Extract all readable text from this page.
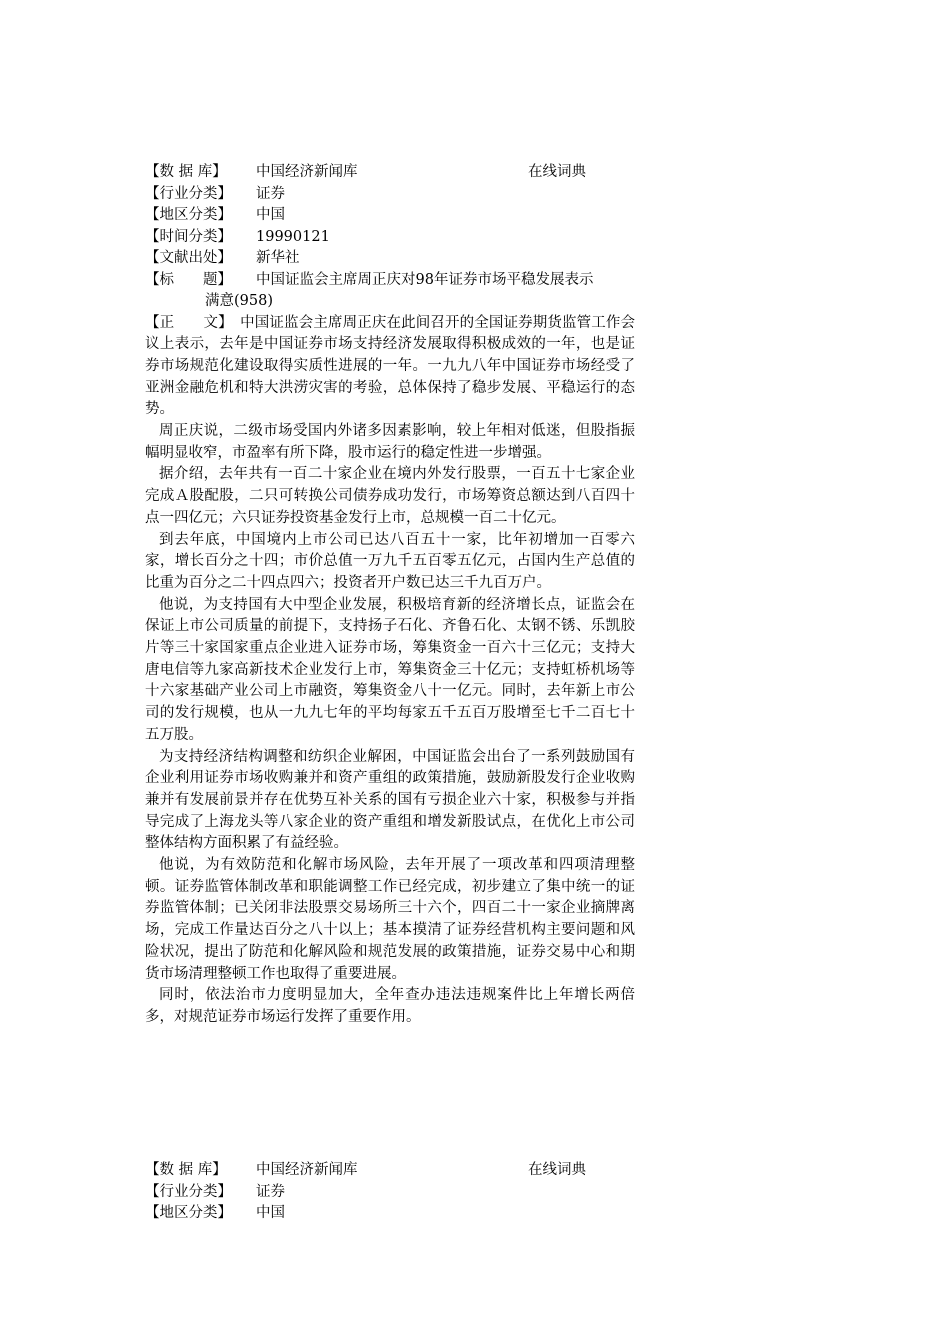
【数 据 库】 中国经济新闻库	在线词典
【行业分类】 证券
【地区分类】 中国
【时间分类】 19990121
【文献出处】 新华社
【标　　题】	中国证监会主席周正庆对98年证券市场平稳发展表示
满意(958)
【正　　文】　 中国证监会主席周正庆在此间召开的全国证券期货监管工作会议上表示，去年是中国证券市场支持经济发展取得积极成效的一年，也是证券市场规范化建设取得实质性进展的一年。一九九八年中国证券市场经受了亚洲金融危机和特大洪涝灾害的考验，总体保持了稳步发展、平稳运行的态势。
周正庆说，二级市场受国内外诸多因素影响，较上年相对低迷，但股指振幅明显收窄，市盈率有所下降，股市运行的稳定性进一步增强。
据介绍，去年共有一百二十家企业在境内外发行股票，一百五十七家企业完成Ａ股配股，二只可转换公司债券成功发行，市场筹资总额达到八百四十点一四亿元；六只证券投资基金发行上市，总规模一百二十亿元。
到去年底，中国境内上市公司已达八百五十一家，比年初增加一百零六家，增长百分之十四；市价总值一万九千五百零五亿元，占国内生产总值的比重为百分之二十四点四六；投资者开户数已达三千九百万户。
他说，为支持国有大中型企业发展，积极培育新的经济增长点，证监会在保证上市公司质量的前提下，支持扬子石化、齐鲁石化、太钢不锈、乐凯胶片等三十家国家重点企业进入证券市场，筹集资金一百六十三亿元；支持大唐电信等九家高新技术企业发行上市，筹集资金三十亿元；支持虹桥机场等十六家基础产业公司上市融资，筹集资金八十一亿元。同时，去年新上市公司的发行规模，也从一九九七年的平均每家五千五百万股增至七千二百七十五万股。
为支持经济结构调整和纺织企业解困，中国证监会出台了一系列鼓励国有企业利用证券市场收购兼并和资产重组的政策措施，鼓励新股发行企业收购兼并有发展前景并存在优势互补关系的国有亏损企业六十家，积极参与并指导完成了上海龙头等八家企业的资产重组和增发新股试点，在优化上市公司整体结构方面积累了有益经验。
他说，为有效防范和化解市场风险，去年开展了一项改革和四项清理整顿。证券监管体制改革和职能调整工作已经完成，初步建立了集中统一的证券监管体制；已关闭非法股票交易场所三十六个，四百二十一家企业摘牌离场，完成工作量达百分之八十以上；基本摸清了证券经营机构主要问题和风险状况，提出了防范和化解风险和规范发展的政策措施，证券交易中心和期货市场清理整顿工作也取得了重要进展。
同时，依法治市力度明显加大，全年查办违法违规案件比上年增长两倍多，对规范证券市场运行发挥了重要作用。
【数 据 库】 中国经济新闻库	在线词典
【行业分类】 证券
【地区分类】 中国
